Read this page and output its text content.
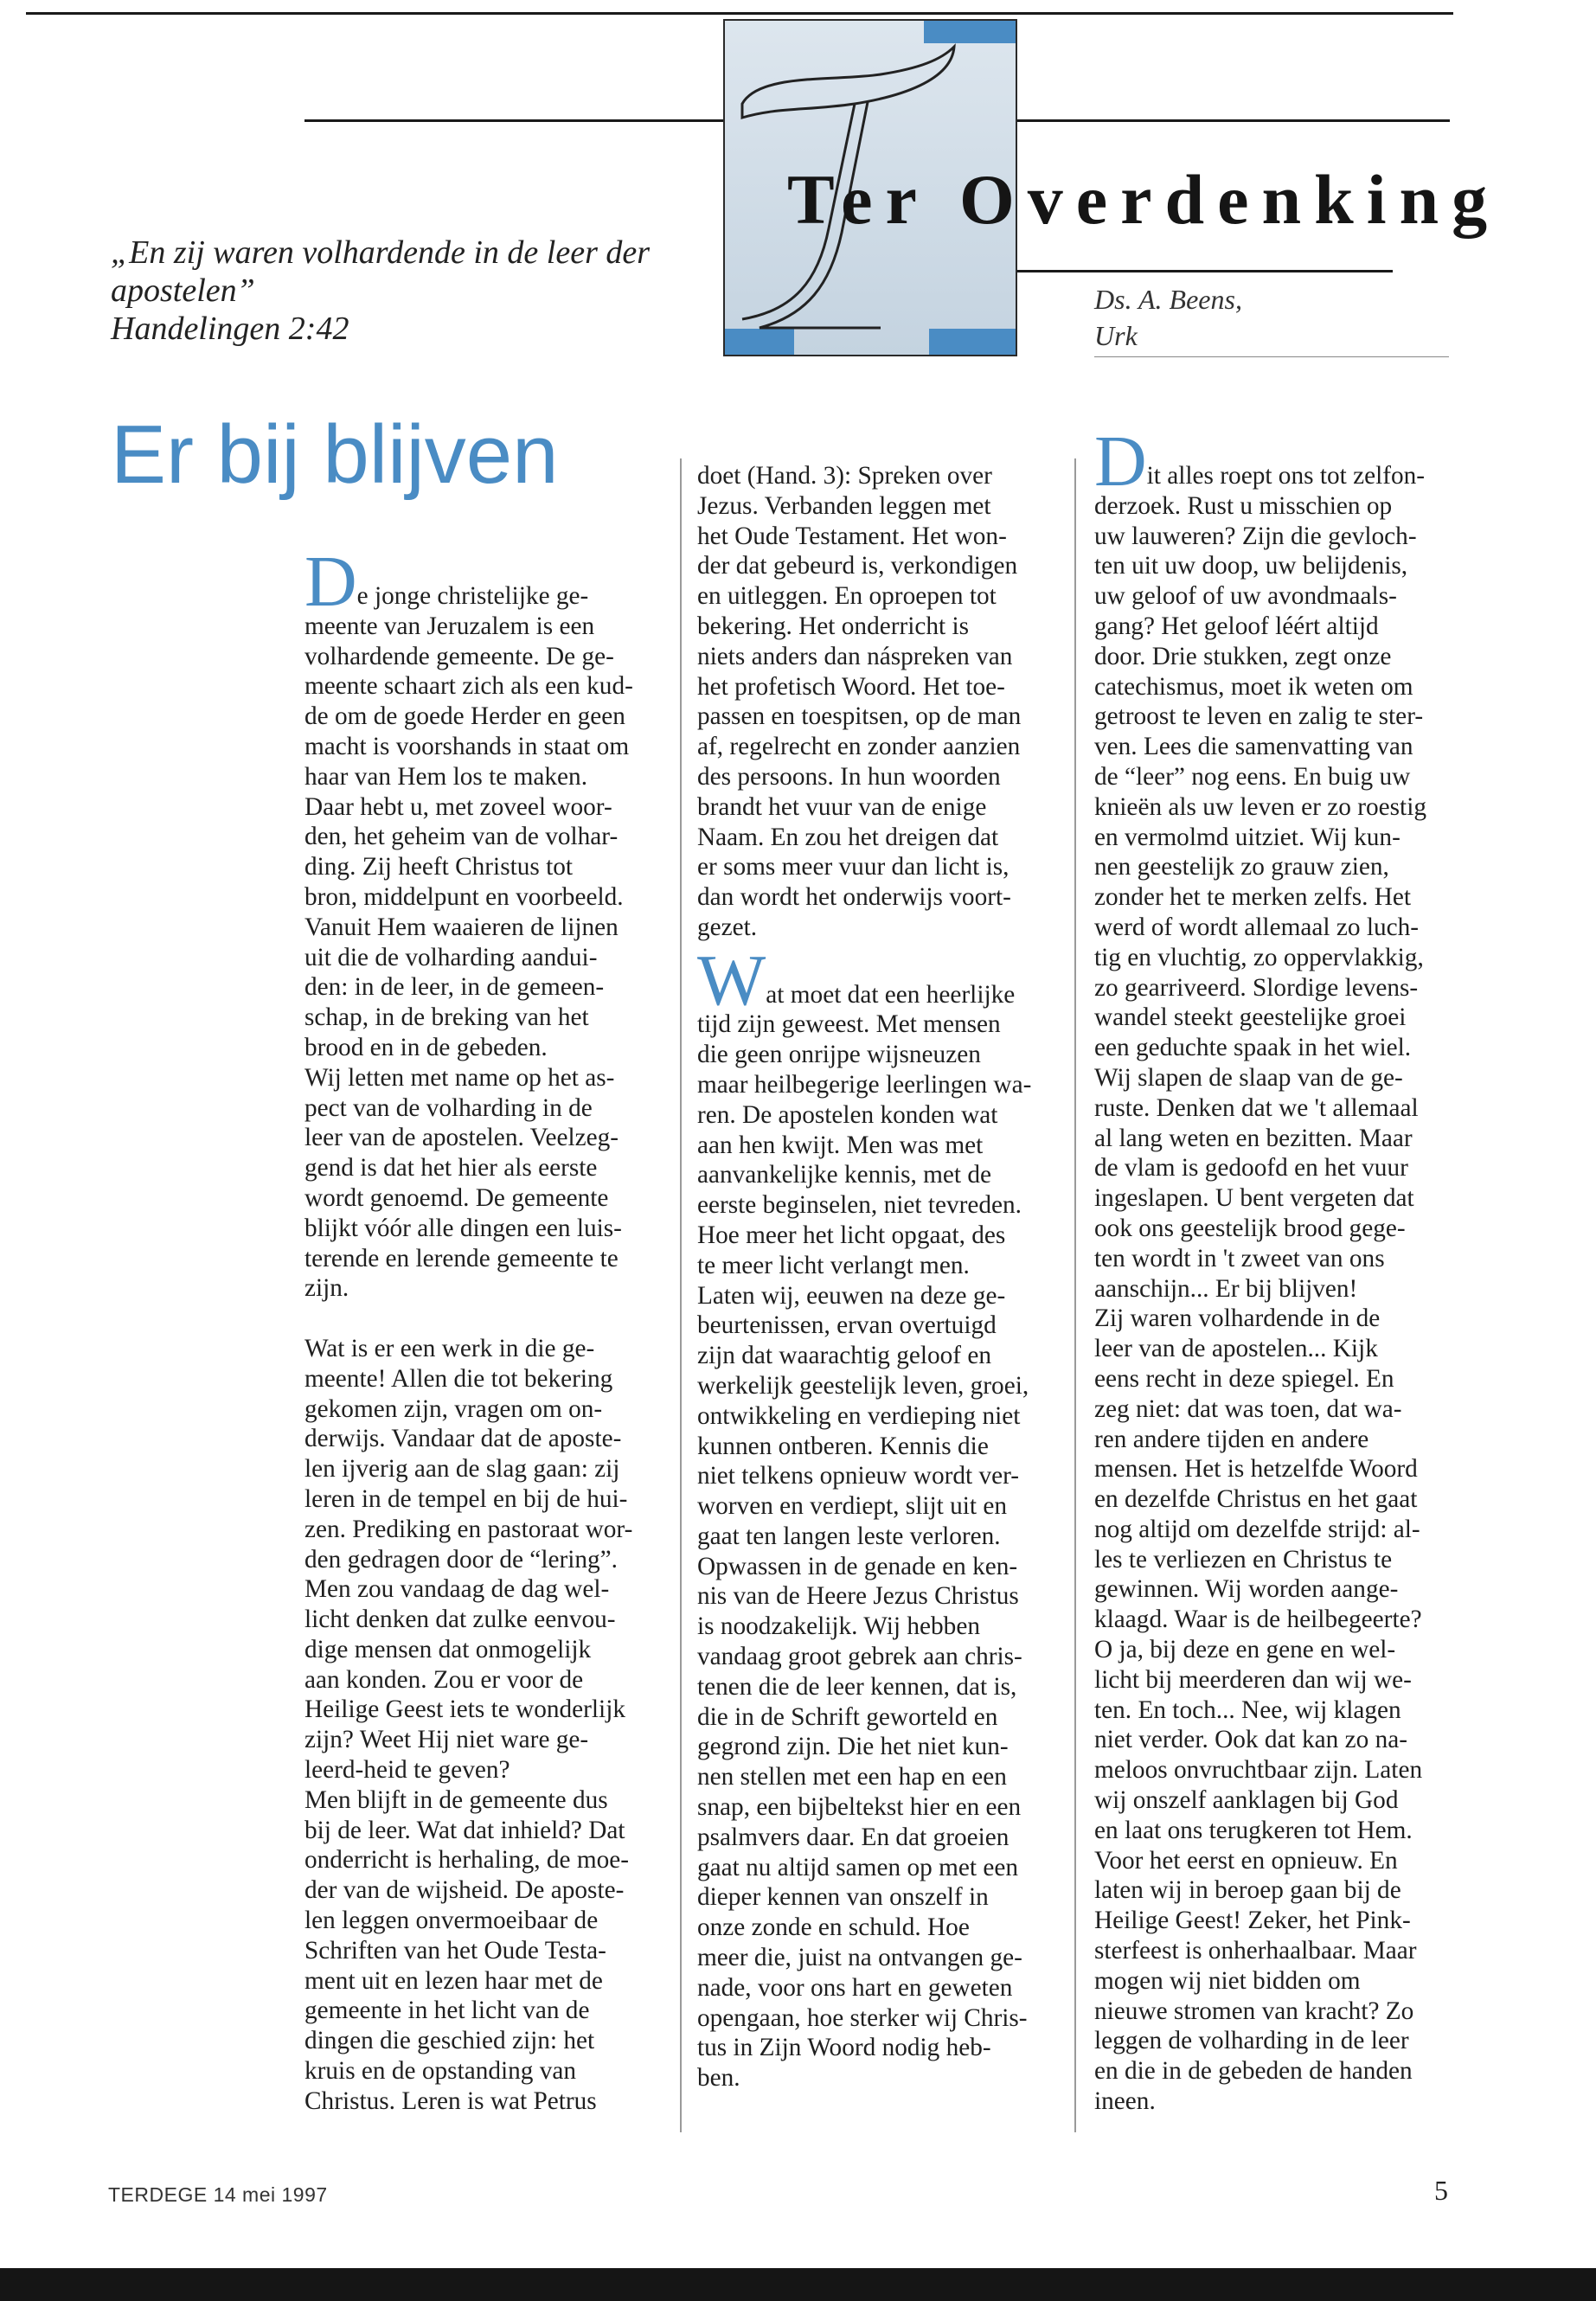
Ter Overdenking
Ds. A. Beens,
Urk
„En zij waren volhardende in de leer der
apostelen”
Handelingen 2:42
Er bij blijven
De jonge christelijke ge-
meente van Jeruzalem is een
volhardende gemeente. De ge-
meente schaart zich als een kud-
de om de goede Herder en geen
macht is voorshands in staat om
haar van Hem los te maken.
Daar hebt u, met zoveel woor-
den, het geheim van de volhar-
ding. Zij heeft Christus tot
bron, middelpunt en voorbeeld.
Vanuit Hem waaieren de lijnen
uit die de volharding aandui-
den: in de leer, in de gemeen-
schap, in de breking van het
brood en in de gebeden.
Wij letten met name op het as-
pect van de volharding in de
leer van de apostelen. Veelzeg-
gend is dat het hier als eerste
wordt genoemd. De gemeente
blijkt vóór alle dingen een luis-
terende en lerende gemeente te
zijn.
Wat is er een werk in die ge-
meente! Allen die tot bekering
gekomen zijn, vragen om on-
derwijs. Vandaar dat de aposte-
len ijverig aan de slag gaan: zij
leren in de tempel en bij de hui-
zen. Prediking en pastoraat wor-
den gedragen door de “lering”.
Men zou vandaag de dag wel-
licht denken dat zulke eenvou-
dige mensen dat onmogelijk
aan konden. Zou er voor de
Heilige Geest iets te wonderlijk
zijn? Weet Hij niet ware ge-
leerd-heid te geven?
Men blijft in de gemeente dus
bij de leer. Wat dat inhield? Dat
onderricht is herhaling, de moe-
der van de wijsheid. De aposte-
len leggen onvermoeibaar de
Schriften van het Oude Testa-
ment uit en lezen haar met de
gemeente in het licht van de
dingen die geschied zijn: het
kruis en de opstanding van
Christus. Leren is wat Petrus
doet (Hand. 3): Spreken over
Jezus. Verbanden leggen met
het Oude Testament. Het won-
der dat gebeurd is, verkondigen
en uitleggen. En oproepen tot
bekering. Het onderricht is
niets anders dan náspreken van
het profetisch Woord. Het toe-
passen en toespitsen, op de man
af, regelrecht en zonder aanzien
des persoons. In hun woorden
brandt het vuur van de enige
Naam. En zou het dreigen dat
er soms meer vuur dan licht is,
dan wordt het onderwijs voort-
gezet.
Wat moet dat een heerlijke
tijd zijn geweest. Met mensen
die geen onrijpe wijsneuzen
maar heilbegerige leerlingen wa-
ren. De apostelen konden wat
aan hen kwijt. Men was met
aanvankelijke kennis, met de
eerste beginselen, niet tevreden.
Hoe meer het licht opgaat, des
te meer licht verlangt men.
Laten wij, eeuwen na deze ge-
beurtenissen, ervan overtuigd
zijn dat waarachtig geloof en
werkelijk geestelijk leven, groei,
ontwikkeling en verdieping niet
kunnen ontberen. Kennis die
niet telkens opnieuw wordt ver-
worven en verdiept, slijt uit en
gaat ten langen leste verloren.
Opwassen in de genade en ken-
nis van de Heere Jezus Christus
is noodzakelijk. Wij hebben
vandaag groot gebrek aan chris-
tenen die de leer kennen, dat is,
die in de Schrift geworteld en
gegrond zijn. Die het niet kun-
nen stellen met een hap en een
snap, een bijbeltekst hier en een
psalmvers daar. En dat groeien
gaat nu altijd samen op met een
dieper kennen van onszelf in
onze zonde en schuld. Hoe
meer die, juist na ontvangen ge-
nade, voor ons hart en geweten
opengaan, hoe sterker wij Chris-
tus in Zijn Woord nodig heb-
ben.
Dit alles roept ons tot zelfon-
derzoek. Rust u misschien op
uw lauweren? Zijn die gevloch-
ten uit uw doop, uw belijdenis,
uw geloof of uw avondmaals-
gang? Het geloof léért altijd
door. Drie stukken, zegt onze
catechismus, moet ik weten om
getroost te leven en zalig te ster-
ven. Lees die samenvatting van
de “leer” nog eens. En buig uw
knieën als uw leven er zo roestig
en vermolmd uitziet. Wij kun-
nen geestelijk zo grauw zien,
zonder het te merken zelfs. Het
werd of wordt allemaal zo luch-
tig en vluchtig, zo oppervlakkig,
zo gearriveerd. Slordige levens-
wandel steekt geestelijke groei
een geduchte spaak in het wiel.
Wij slapen de slaap van de ge-
ruste. Denken dat we 't allemaal
al lang weten en bezitten. Maar
de vlam is gedoofd en het vuur
ingeslapen. U bent vergeten dat
ook ons geestelijk brood gege-
ten wordt in 't zweet van ons
aanschijn... Er bij blijven!
Zij waren volhardende in de
leer van de apostelen... Kijk
eens recht in deze spiegel. En
zeg niet: dat was toen, dat wa-
ren andere tijden en andere
mensen. Het is hetzelfde Woord
en dezelfde Christus en het gaat
nog altijd om dezelfde strijd: al-
les te verliezen en Christus te
gewinnen. Wij worden aange-
klaagd. Waar is de heilbegeerte?
O ja, bij deze en gene en wel-
licht bij meerderen dan wij we-
ten. En toch... Nee, wij klagen
niet verder. Ook dat kan zo na-
meloos onvruchtbaar zijn. Laten
wij onszelf aanklagen bij God
en laat ons terugkeren tot Hem.
Voor het eerst en opnieuw. En
laten wij in beroep gaan bij de
Heilige Geest! Zeker, het Pink-
sterfeest is onherhaalbaar. Maar
mogen wij niet bidden om
nieuwe stromen van kracht? Zo
leggen de volharding in de leer
en die in de gebeden de handen
ineen.
TERDEGE 14 mei 1997	5
